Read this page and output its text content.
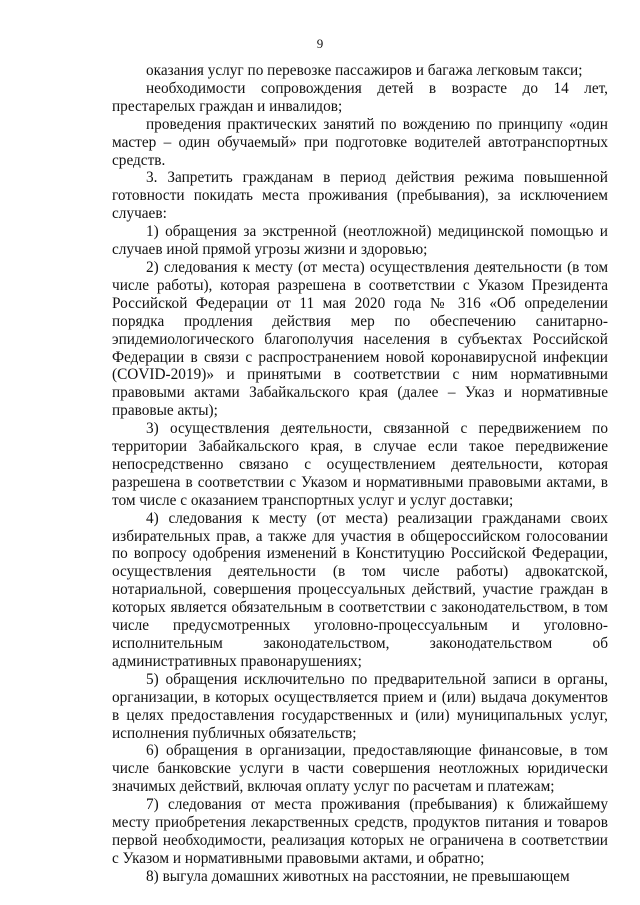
9

оказания услуг по перевозке пассажиров и багажа легковым такси;

необходимости сопровождения детей в возрасте до 14 лет, престарелых граждан и инвалидов;

проведения практических занятий по вождению по принципу «один мастер – один обучаемый» при подготовке водителей автотранспортных средств.

3. Запретить гражданам в период действия режима повышенной готовности покидать места проживания (пребывания), за исключением случаев:

1) обращения за экстренной (неотложной) медицинской помощью и случаев иной прямой угрозы жизни и здоровью;

2) следования к месту (от места) осуществления деятельности (в том числе работы), которая разрешена в соответствии с Указом Президента Российской Федерации от 11 мая 2020 года № 316 «Об определении порядка продления действия мер по обеспечению санитарно-эпидемиологического благополучия населения в субъектах Российской Федерации в связи с распространением новой коронавирусной инфекции (COVID-2019)» и принятыми в соответствии с ним нормативными правовыми актами Забайкальского края (далее – Указ и нормативные правовые акты);

3) осуществления деятельности, связанной с передвижением по территории Забайкальского края, в случае если такое передвижение непосредственно связано с осуществлением деятельности, которая разрешена в соответствии с Указом и нормативными правовыми актами, в том числе с оказанием транспортных услуг и услуг доставки;

4) следования к месту (от места) реализации гражданами своих избирательных прав, а также для участия в общероссийском голосовании по вопросу одобрения изменений в Конституцию Российской Федерации, осуществления деятельности (в том числе работы) адвокатской, нотариальной, совершения процессуальных действий, участие граждан в которых является обязательным в соответствии с законодательством, в том числе предусмотренных уголовно-процессуальным и уголовно-исполнительным законодательством, законодательством об административных правонарушениях;

5) обращения исключительно по предварительной записи в органы, организации, в которых осуществляется прием и (или) выдача документов в целях предоставления государственных и (или) муниципальных услуг, исполнения публичных обязательств;

6) обращения в организации, предоставляющие финансовые, в том числе банковские услуги в части совершения неотложных юридически значимых действий, включая оплату услуг по расчетам и платежам;

7) следования от места проживания (пребывания) к ближайшему месту приобретения лекарственных средств, продуктов питания и товаров первой необходимости, реализация которых не ограничена в соответствии с Указом и нормативными правовыми актами, и обратно;

8) выгула домашних животных на расстоянии, не превышающем
